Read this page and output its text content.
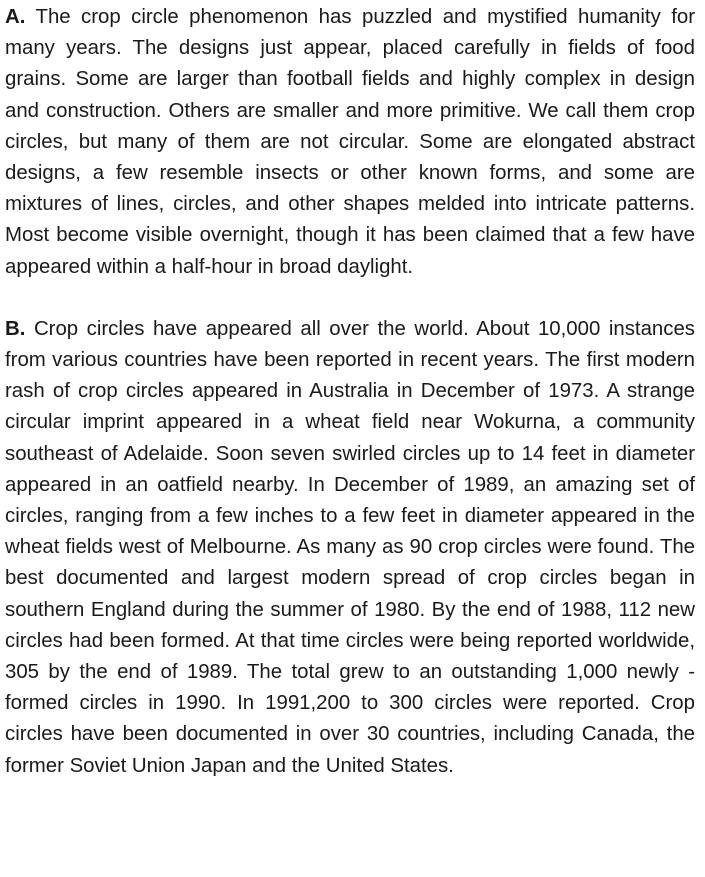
A. The crop circle phenomenon has puzzled and mystified humanity for many years. The designs just appear, placed carefully in fields of food grains. Some are larger than football fields and highly complex in design and construction. Others are smaller and more primitive. We call them crop circles, but many of them are not circular. Some are elongated abstract designs, a few resemble insects or other known forms, and some are mixtures of lines, circles, and other shapes melded into intricate patterns. Most become visible overnight, though it has been claimed that a few have appeared within a half-hour in broad daylight.

B. Crop circles have appeared all over the world. About 10,000 instances from various countries have been reported in recent years. The first modern rash of crop circles appeared in Australia in December of 1973. A strange circular imprint appeared in a wheat field near Wokurna, a community southeast of Adelaide. Soon seven swirled circles up to 14 feet in diameter appeared in an oatfield nearby. In December of 1989, an amazing set of circles, ranging from a few inches to a few feet in diameter appeared in the wheat fields west of Melbourne. As many as 90 crop circles were found. The best documented and largest modern spread of crop circles began in southern England during the summer of 1980. By the end of 1988, 112 new circles had been formed. At that time circles were being reported worldwide, 305 by the end of 1989. The total grew to an outstanding 1,000 newly - formed circles in 1990. In 1991,200 to 300 circles were reported. Crop circles have been documented in over 30 countries, including Canada, the former Soviet Union Japan and the United States.
